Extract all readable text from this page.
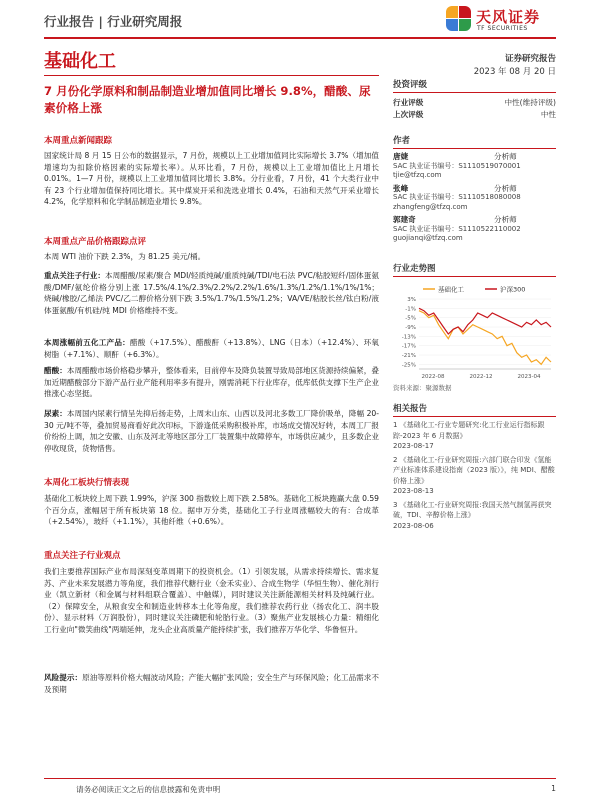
行业报告 | 行业研究周报	天风证券
TF SECURITIES
基础化工	证券研究报告
2023 年 08 月 20 日
7 月份化学原料和制品制造业增加值同比增长 9.8%，醋酸、尿素价格上涨
本周重点新闻跟踪
国家统计局 8 月 15 日公布的数据显示，7 月份，规模以上工业增加值同比实际增长 3.7%（增加值增速均为扣除价格因素的实际增长率）。从环比看，7 月份，规模以上工业增加值比上月增长 0.01%。1—7 月份，规模以上工业增加值同比增长 3.8%。分行业看，7 月份，41 个大类行业中有 23 个行业增加值保持同比增长。其中煤炭开采和洗选业增长 0.4%，石油和天然气开采业增长 4.2%，化学原料和化学制品制造业增长 9.8%。
本周重点产品价格跟踪点评
本周 WTI 油价下跌 2.3%，为 81.25 美元/桶。
重点关注子行业：本周醋酸/尿素/聚合 MDI/轻质纯碱/重质纯碱/TDI/电石法 PVC/粘胶短纤/固体蛋氨酸/DMF/氨纶价格分别上涨 17.5%/4.1%/2.3%/2.2%/2.2%/1.6%/1.3%/1.2%/1.1%/1%/1%；烧碱/橡胶/乙烯法 PVC/乙二醇价格分别下跌 3.5%/1.7%/1.5%/1.2%；VA/VE/粘胶长丝/钛白粉/液体蛋氨酸/有机硅/纯 MDI 价格维持不变。
本周涨幅前五化工产品：醋酸（+17.5%）、醋酸酐（+13.8%）、LNG（日本）（+12.4%）、环氧树脂（+7.1%）、顺酐（+6.3%）。
醋酸：本周醋酸市场价格稳步攀升，整体看来，目前停车及降负装置导致局部地区货源持续偏紧，叠加近期醋酸部分下游产品行业产能利用率多有提升，刚需消耗下行业库存，低库低供支撑下生产企业推涨心态坚挺。
尿素：本周国内尿素行情呈先抑后扬走势，上周末山东、山西以及河北多数工厂降价吸单，降幅 20-30 元/吨不等，叠加贸易商看好此次印标，下游逢低采购积极补库，市场成交情况好转，本周工厂报价纷纷上调，加之安徽、山东及河北等地区部分工厂装置集中故障停车，市场供应减少，且多数企业停收现货，货物惜售。
本周化工板块行情表现
基础化工板块较上周下跌 1.99%，沪深 300 指数较上周下跌 2.58%。基础化工板块跑赢大盘 0.59 个百分点，涨幅居于所有板块第 18 位。据申万分类，基础化工子行业周涨幅较大的有：合成革（+2.54%），玻纤（+1.1%），其他纤维（+0.6%）。
重点关注子行业观点
我们主要推荐国际产业布局深刻变革周期下的投资机会。（1）引领发展，从需求持续增长、需求复苏、产业未来发展潜力等角度，我们推荐代糖行业（金禾实业）、合成生物学（华恒生物）、催化剂行业（凯立新材（和金属与材料组联合覆盖）、中触媒），同时建议关注新能源相关材料及纯碱行业。（2）保障安全，从粮食安全和制造业转移本土化等角度，我们推荐农药行业（扬农化工、润丰股份）、显示材料（万润股份），同时建议关注磷肥和轮胎行业。（3）聚焦产业发展核心力量：精细化工行业向"微笑曲线"两端延伸，龙头企业高质量产能持续扩张，我们推荐万华化学、华鲁恒升。
风险提示：原油等原料价格大幅波动风险；产能大幅扩张风险；安全生产与环保风险；化工品需求不及预期
投资评级
行业评级	中性(维持评级)
上次评级	中性
作者
唐婕	分析师
SAC 执业证书编号：S1110519070001
tjie@tfzq.com
张峰	分析师
SAC 执业证书编号：S1110518080008
zhangfeng@tfzq.com
郭建奇	分析师
SAC 执业证书编号：S1110522110002
guojianqi@tfzq.com
行业走势图
基础化工	沪深300
3%
-1%
-5%
-9%
-13%
-17%
-21%
-25%
2022-08	2022-12	2023-04
资料来源：聚源数据
相关报告
1 《基础化工-行业专题研究:化工行业运行指标跟踪-2023 年 6 月数据》
2023-08-17
2 《基础化工-行业研究周报:六部门联合印发《氢能产业标准体系建设指南（2023 版）》，纯 MDI、醋酸价格上涨》
2023-08-13
3 《基础化工-行业研究周报:我国天然气制氢再获突破，TDI、辛醇价格上涨》
2023-08-06
请务必阅读正文之后的信息披露和免责申明	1
